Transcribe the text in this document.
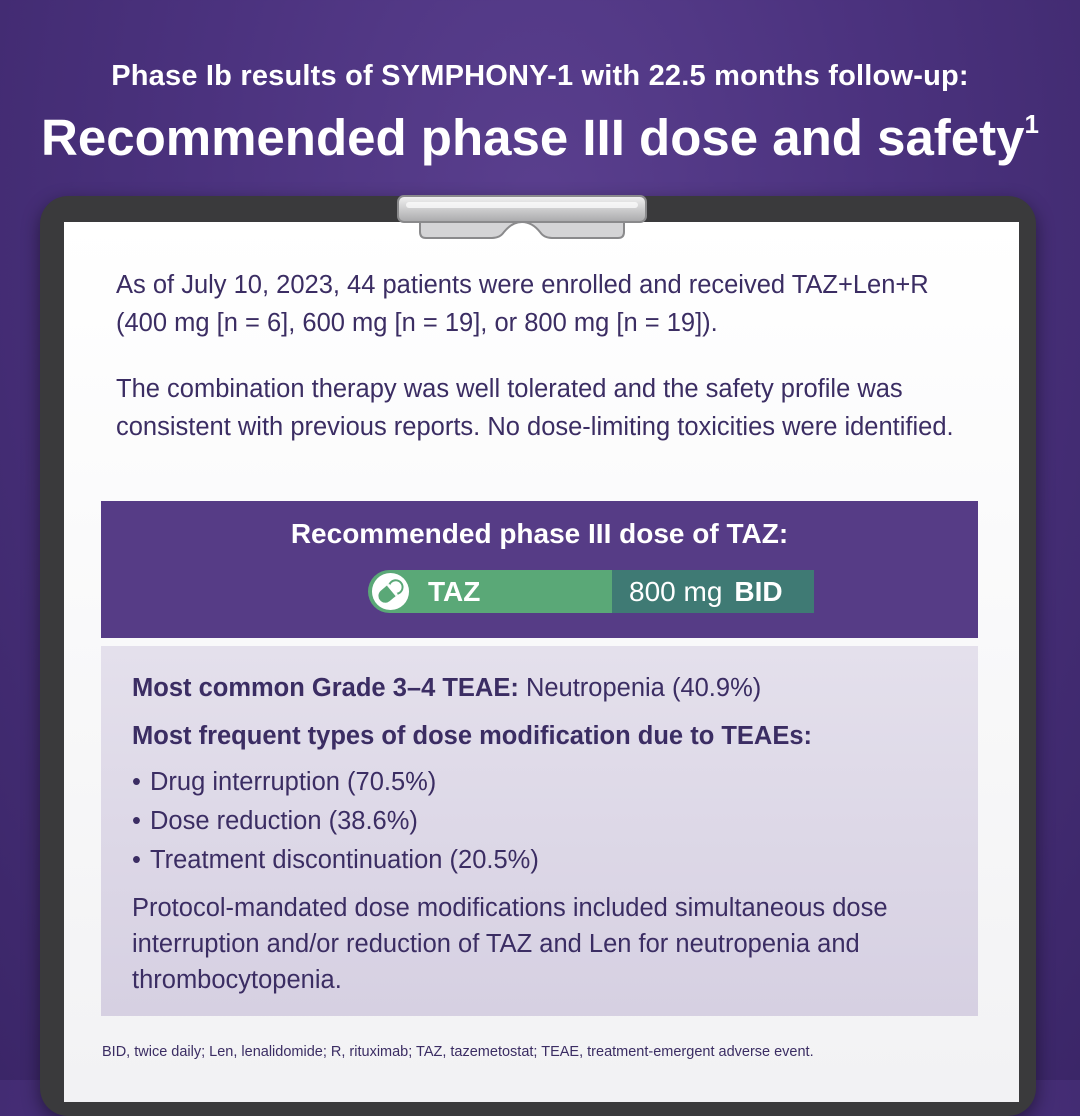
Phase Ib results of SYMPHONY-1 with 22.5 months follow-up:
Recommended phase III dose and safety$^1$
As of July 10, 2023, 44 patients were enrolled and received TAZ+Len+R (400 mg [n = 6], 600 mg [n = 19], or 800 mg [n = 19]).
The combination therapy was well tolerated and the safety profile was consistent with previous reports. No dose-limiting toxicities were identified.
Recommended phase III dose of TAZ:
TAZ	800 mg BID
Most common Grade 3–4 TEAE: Neutropenia (40.9%)
Most frequent types of dose modification due to TEAEs:
• Drug interruption (70.5%)
• Dose reduction (38.6%)
• Treatment discontinuation (20.5%)
Protocol-mandated dose modifications included simultaneous dose interruption and/or reduction of TAZ and Len for neutropenia and thrombocytopenia.
BID, twice daily; Len, lenalidomide; R, rituximab; TAZ, tazemetostat; TEAE, treatment-emergent adverse event.
